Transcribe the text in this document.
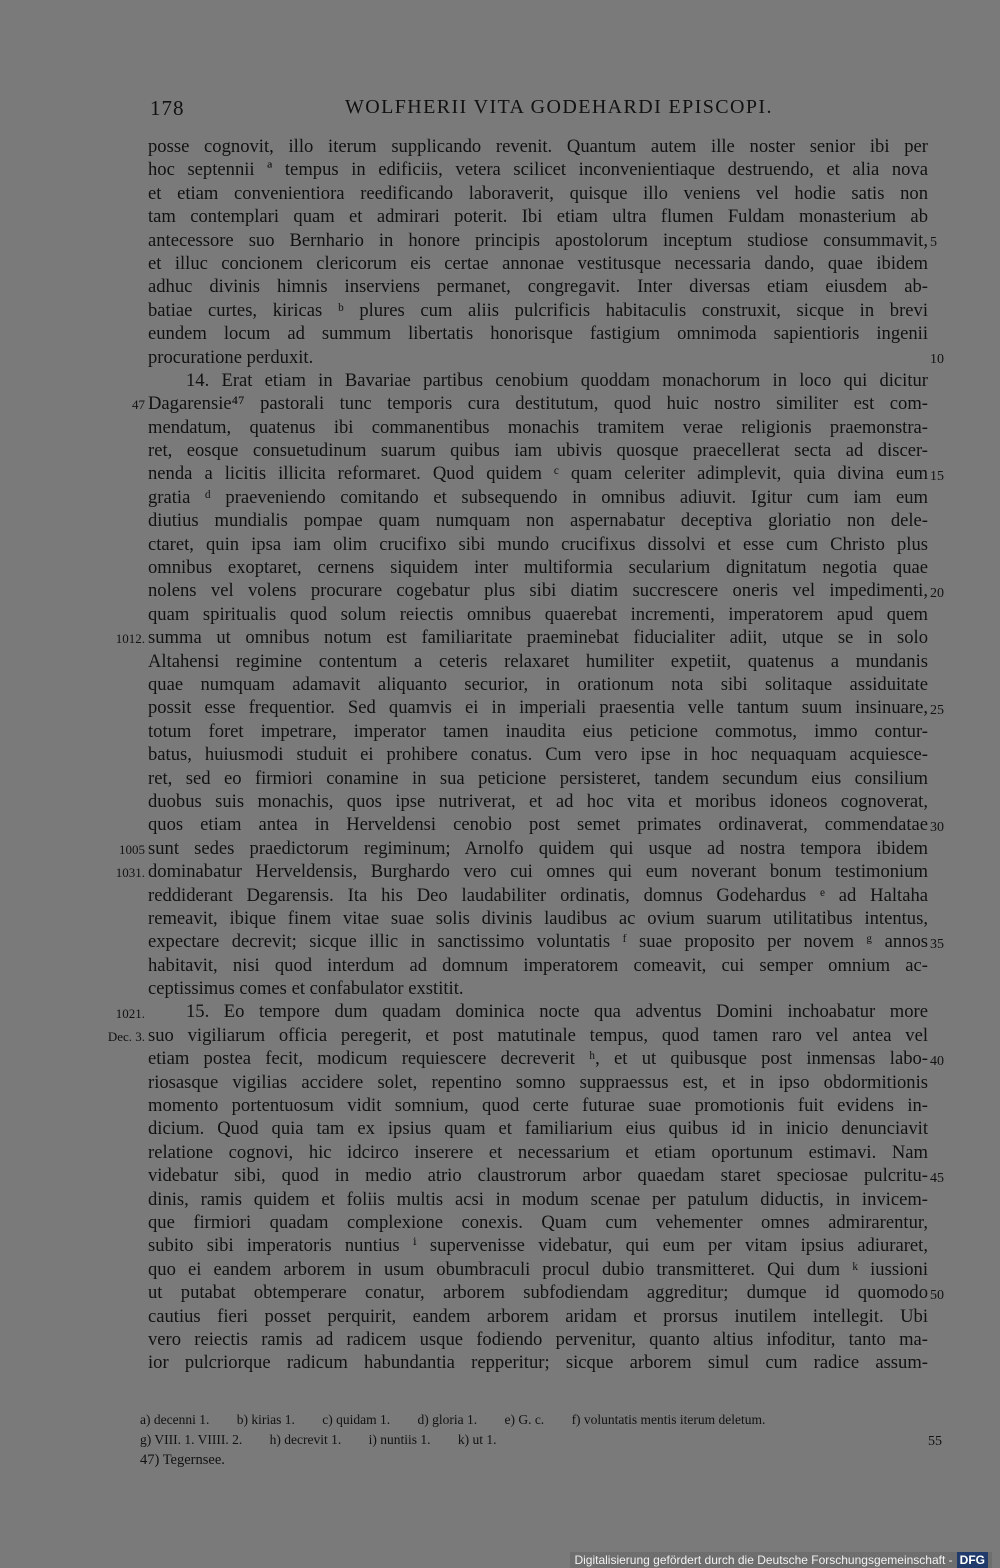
178	WOLFHERII VITA GODEHARDI EPISCOPI.
posse cognovit, illo iterum supplicando revenit. Quantum autem ille noster senior ibi per
hoc septennii ª tempus in edificiis, vetera scilicet inconvenientiaque destruendo, et alia nova
et etiam convenientiora reedificando laboraverit, quisque illo veniens vel hodie satis non
tam contemplari quam et admirari poterit. Ibi etiam ultra flumen Fuldam monasterium ab
antecessore suo Bernhario in honore principis apostolorum inceptum studiose consummavit,
et illuc concionem clericorum eis certae annonae vestitusque necessaria dando, quae ibidem
adhuc divinis himnis inserviens permanet, congregavit. Inter diversas etiam eiusdem ab-
batiae curtes, kiricas ᵇ plures cum aliis pulcrificis habitaculis construxit, sicque in brevi
eundem locum ad summum libertatis honorisque fastigium omnimoda sapientioris ingenii
procuratione perduxit.
14. Erat etiam in Bavariae partibus cenobium quoddam monachorum in loco qui dicitur
Dagarensie⁴⁷ pastorali tunc temporis cura destitutum, quod huic nostro similiter est com-
mendatum, quatenus ibi commanentibus monachis tramitem verae religionis praemonstra-
ret, eosque consuetudinum suarum quibus iam ubivis quosque praecellerat secta ad discer-
nenda a licitis illicita reformaret. Quod quidem ᶜ quam celeriter adimplevit, quia divina eum
gratia ᵈ praeveniendo comitando et subsequendo in omnibus adiuvit. Igitur cum iam eum
diutius mundialis pompae quam numquam non aspernabatur deceptiva gloriatio non dele-
ctaret, quin ipsa iam olim crucifixo sibi mundo crucifixus dissolvi et esse cum Christo plus
omnibus exoptaret, cernens siquidem inter multiformia secularium dignitatum negotia quae
nolens vel volens procurare cogebatur plus sibi diatim succrescere oneris vel impedimenti,
quam spiritualis quod solum reiectis omnibus quaerebat incrementi, imperatorem apud quem
summa ut omnibus notum est familiaritate praeminebat fiducialiter adiit, utque se in solo
Altahensi regimine contentum a ceteris relaxaret humiliter expetiit, quatenus a mundanis
quae numquam adamavit aliquanto securior, in orationum nota sibi solitaque assiduitate
possit esse frequentior. Sed quamvis ei in imperiali praesentia velle tantum suum insinuare,
totum foret impetrare, imperator tamen inaudita eius peticione commotus, immo contur-
batus, huiusmodi studuit ei prohibere conatus. Cum vero ipse in hoc nequaquam acquiesce-
ret, sed eo firmiori conamine in sua peticione persisteret, tandem secundum eius consilium
duobus suis monachis, quos ipse nutriverat, et ad hoc vita et moribus idoneos cognoverat,
quos etiam antea in Herveldensi cenobio post semet primates ordinaverat, commendatae
sunt sedes praedictorum regiminum; Arnolfo quidem qui usque ad nostra tempora ibidem
dominabatur Herveldensis, Burghardo vero cui omnes qui eum noverant bonum testimonium
reddiderant Degarensis. Ita his Deo laudabiliter ordinatis, domnus Godehardus ᵉ ad Haltaha
remeavit, ibique finem vitae suae solis divinis laudibus ac ovium suarum utilitatibus intentus,
expectare decrevit; sicque illic in sanctissimo voluntatis ᶠ suae proposito per novem ᵍ annos
habitavit, nisi quod interdum ad domnum imperatorem comeavit, cui semper omnium ac-
ceptissimus comes et confabulator exstitit.
15. Eo tempore dum quadam dominica nocte qua adventus Domini inchoabatur more
suo vigiliarum officia peregerit, et post matutinale tempus, quod tamen raro vel antea vel
etiam postea fecit, modicum requiescere decreverit ʰ, et ut quibusque post inmensas labo-
riosasque vigilias accidere solet, repentino somno suppraessus est, et in ipso obdormitionis
momento portentuosum vidit somnium, quod certe futurae suae promotionis fuit evidens in-
dicium. Quod quia tam ex ipsius quam et familiarium eius quibus id in inicio denunciavit
relatione cognovi, hic idcirco inserere et necessarium et etiam oportunum estimavi. Nam
videbatur sibi, quod in medio atrio claustrorum arbor quaedam staret speciosae pulcritu-
dinis, ramis quidem et foliis multis acsi in modum scenae per patulum diductis, in invicem-
que firmiori quadam complexione conexis. Quam cum vehementer omnes admirarentur,
subito sibi imperatoris nuntius ⁱ supervenisse videbatur, qui eum per vitam ipsius adiuraret,
quo ei eandem arborem in usum obumbraculi procul dubio transmitteret. Qui dum ᵏ iussioni
ut putabat obtemperare conatur, arborem subfodiendam aggreditur; dumque id quomodo
cautius fieri posset perquirit, eandem arborem aridam et prorsus inutilem intellegit. Ubi
vero reiectis ramis ad radicem usque fodiendo pervenitur, quanto altius infoditur, tanto ma-
ior pulcriorque radicum habundantia repperitur; sicque arborem simul cum radice assum-
5
10
47
15
20
1012.
25
30
1005
1031.
35
1021.
Dec. 3.
40
45
50
a) decenni 1. b) kirias 1. c) quidam 1. d) gloria 1. e) G. c. f) voluntatis mentis iterum deletum.
g) VIII. 1. VIIII. 2. h) decrevit 1. i) nuntiis 1. k) ut 1.	55
47) Tegernsee.
Digitalisierung gefördert durch die Deutsche Forschungsgemeinschaft - DFG
